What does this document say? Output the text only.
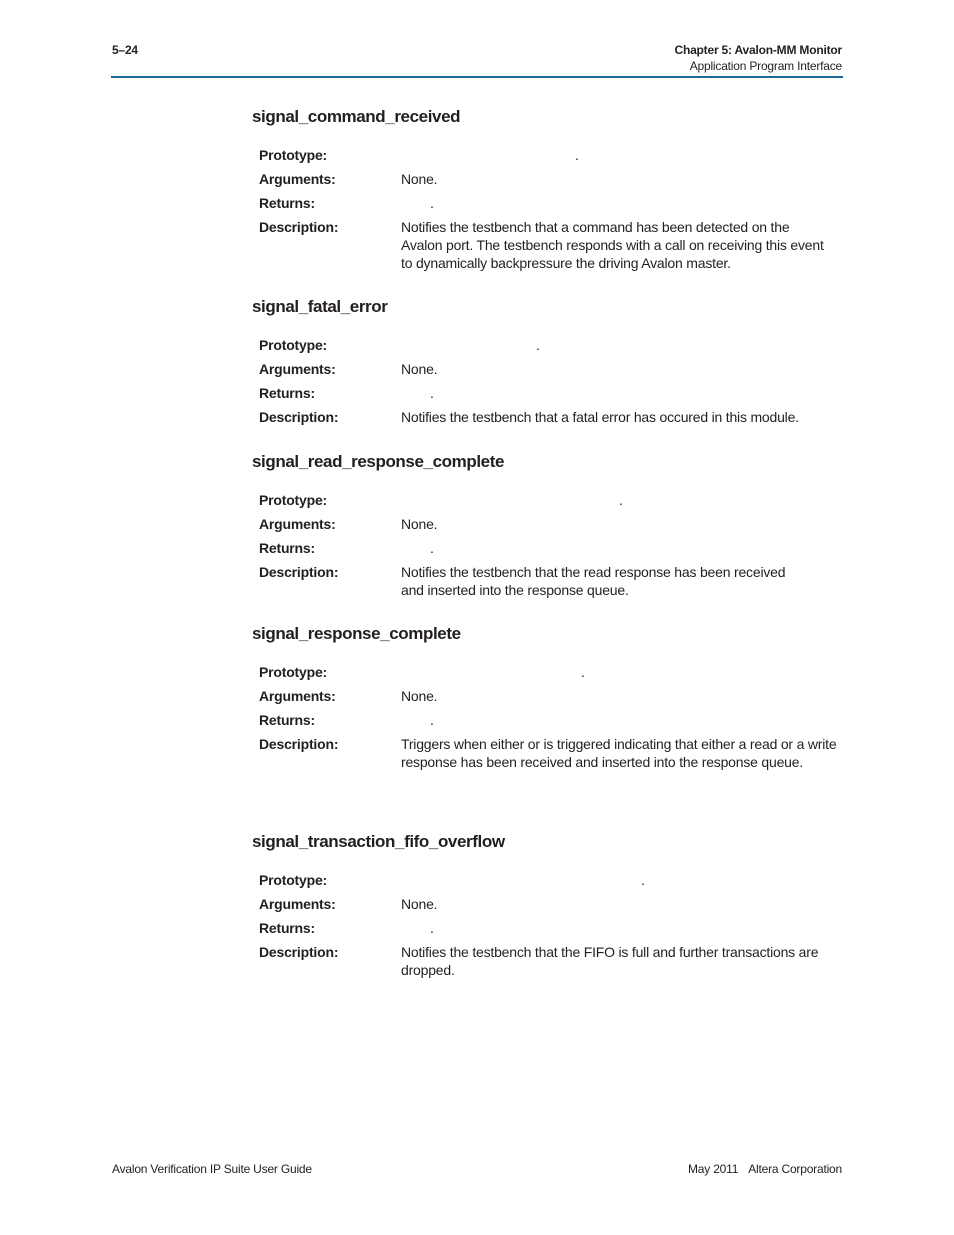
5–24	Chapter 5: Avalon-MM Monitor
Application Program Interface
signal_command_received
Prototype:	.
Arguments:	None.
Returns:	.
Description:	Notifies the testbench that a command has been detected on the Avalon port. The testbench responds with a call on receiving this event to dynamically backpressure the driving Avalon master.
signal_fatal_error
Prototype:	.
Arguments:	None.
Returns:	.
Description:	Notifies the testbench that a fatal error has occured in this module.
signal_read_response_complete
Prototype:	.
Arguments:	None.
Returns:	.
Description:	Notifies the testbench that the read response has been received and inserted into the response queue.
signal_response_complete
Prototype:	.
Arguments:	None.
Returns:	.
Description:	Triggers when either or is triggered indicating that either a read or a write response has been received and inserted into the response queue.
signal_transaction_fifo_overflow
Prototype:	.
Arguments:	None.
Returns:	.
Description:	Notifies the testbench that the FIFO is full and further transactions are dropped.
Avalon Verification IP Suite User Guide	May 2011 Altera Corporation
